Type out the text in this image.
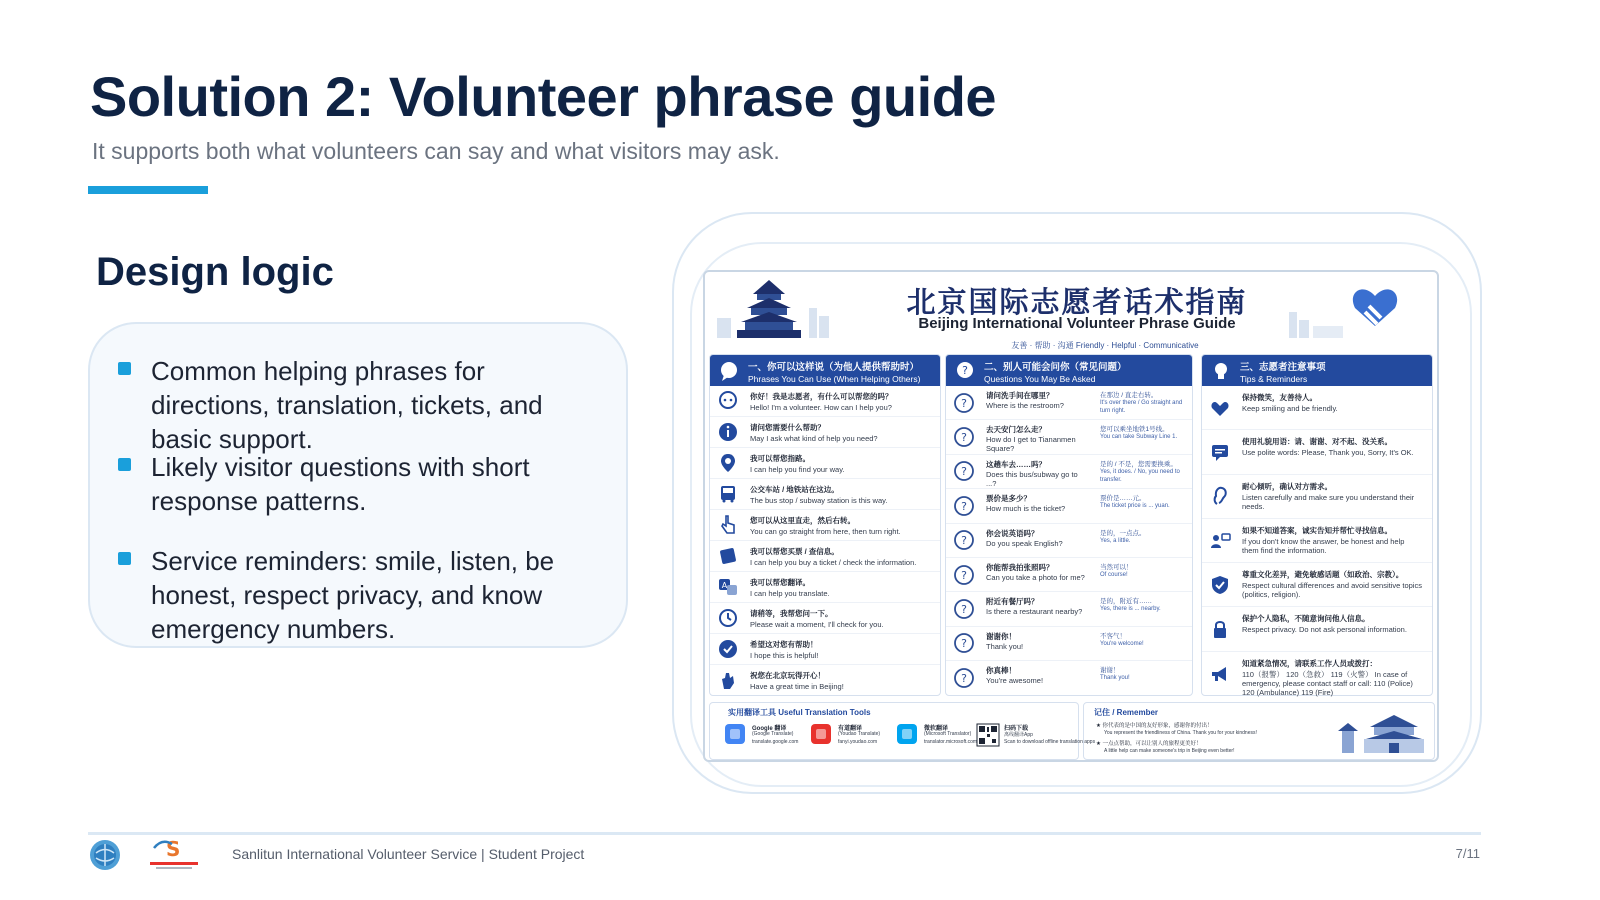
Solution 2: Volunteer phrase guide
It supports both what volunteers can say and what visitors may ask.
Design logic
Common helping phrases for directions, translation, tickets, and basic support.
Likely visitor questions with short response patterns.
Service reminders: smile, listen, be honest, respect privacy, and know emergency numbers.
北京国际志愿者话术指南
Beijing International Volunteer Phrase Guide
友善 · 帮助 · 沟通 Friendly · Helpful · Communicative
一、你可以这样说（为他人提供帮助时）
Phrases You Can Use (When Helping Others)
你好！我是志愿者，有什么可以帮您的吗？
Hello! I'm a volunteer. How can I help you?
请问您需要什么帮助？
May I ask what kind of help you need?
我可以帮您指路。
I can help you find your way.
公交车站 / 地铁站在这边。
The bus stop / subway station is this way.
您可以从这里直走，然后右转。
You can go straight from here, then turn right.
我可以帮您买票 / 查信息。
I can help you buy a ticket / check the information.
A	我可以帮您翻译。
I can help you translate.
请稍等，我帮您问一下。
Please wait a moment, I'll check for you.
希望这对您有帮助！
I hope this is helpful!
祝您在北京玩得开心！
Have a great time in Beijing!
? 二、别人可能会问你（常见问题）
Questions You May Be Asked
?
请问洗手间在哪里？
Where is the restroom?
在那边 / 直走右转。
It's over there / Go straight and turn right.
?
去天安门怎么走？
How do I get to Tiananmen Square?
您可以乘坐地铁1号线。
You can take Subway Line 1.
?
这趟车去……吗？
Does this bus/subway go to ...?
是的 / 不是，您需要换乘。
Yes, it does. / No, you need to transfer.
?
票价是多少？
How much is the ticket?
票价是……元。
The ticket price is ... yuan.
?
你会说英语吗？
Do you speak English?
是的，一点点。
Yes, a little.
?
你能帮我拍张照吗？
Can you take a photo for me?
当然可以！
Of course!
?
附近有餐厅吗？
Is there a restaurant nearby?
是的，附近有……
Yes, there is ... nearby.
?
谢谢你！
Thank you!
不客气！
You're welcome!
?
你真棒！
You're awesome!
谢谢！
Thank you!
三、志愿者注意事项
Tips & Reminders
保持微笑，友善待人。
Keep smiling and be friendly.
使用礼貌用语：请、谢谢、对不起、没关系。
Use polite words: Please, Thank you, Sorry, It's OK.
耐心倾听，确认对方需求。
Listen carefully and make sure you understand their needs.
如果不知道答案，诚实告知并帮忙寻找信息。
If you don't know the answer, be honest and help them find the information.
尊重文化差异，避免敏感话题（如政治、宗教）。
Respect cultural differences and avoid sensitive topics (politics, religion).
保护个人隐私，不随意询问他人信息。
Respect privacy. Do not ask personal information.
知道紧急情况，请联系工作人员或拨打：
110（报警） 120（急救） 119（火警） In case of emergency, please contact staff or call: 110 (Police) 120 (Ambulance) 119 (Fire)
实用翻译工具 Useful Translation Tools
Google 翻译
(Google Translate)
translate.google.com
有道翻译
(Youdao Translate)
fanyi.youdao.com
微软翻译
(Microsoft Translator)
translator.microsoft.com
扫码下载
离线翻译App
Scan to download offline translation apps
记住 / Remember
★ 你代表的是中国的友好形象，感谢你的付出！
You represent the friendliness of China. Thank you for your kindness!
★ 一点点帮助，可以让别人的旅程更美好！
A little help can make someone's trip in Beijing even better!
S	Sanlitun International Volunteer Service | Student Project	7/11
